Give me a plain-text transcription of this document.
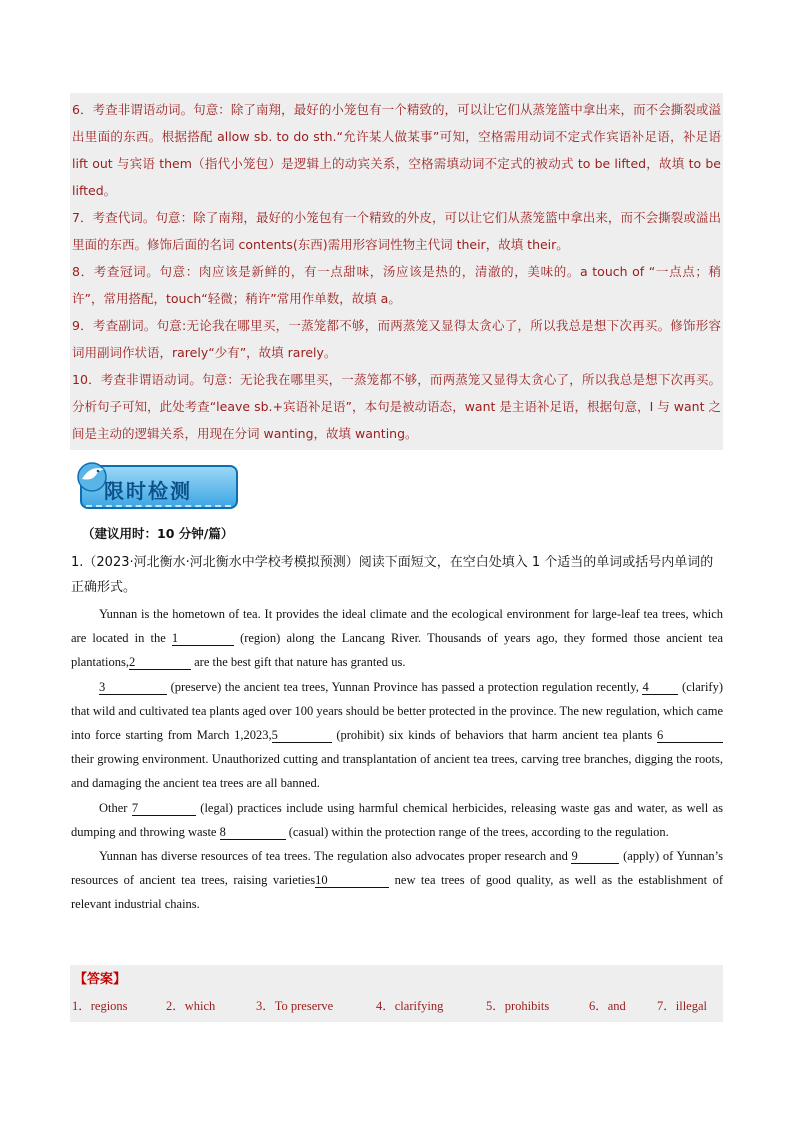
6．考查非谓语动词。句意：除了南翔，最好的小笼包有一个精致的，可以让它们从蒸笼篮中拿出来，而不会撕裂或溢出里面的东西。根据搭配 allow sb. to do sth.“允许某人做某事”可知，空格需用动词不定式作宾语补足语，补足语 lift out 与宾语 them（指代小笼包）是逻辑上的动宾关系，空格需填动词不定式的被动式 to be lifted，故填 to be lifted。

7．考查代词。句意：除了南翔，最好的小笼包有一个精致的外皮，可以让它们从蒸笼篮中拿出来，而不会撕裂或溢出里面的东西。修饰后面的名词 contents(东西)需用形容词性物主代词 their，故填 their。

8．考查冠词。句意：肉应该是新鲜的，有一点甜味，汤应该是热的，清澈的，美味的。a touch of “一点点；稍许”，常用搭配，touch“轻微；稍许”常用作单数，故填 a。

9．考查副词。句意:无论我在哪里买，一蒸笼都不够，而两蒸笼又显得太贪心了，所以我总是想下次再买。修饰形容词用副词作状语，rarely“少有”，故填 rarely。

10．考查非谓语动词。句意：无论我在哪里买，一蒸笼都不够，而两蒸笼又显得太贪心了，所以我总是想下次再买。分析句子可知，此处考查“leave sb.+宾语补足语”，本句是被动语态，want 是主语补足语，根据句意，I 与 want 之间是主动的逻辑关系，用现在分词 wanting，故填 wanting。

限时检测
（建议用时：10 分钟/篇）
1.（2023·河北衡水·河北衡水中学校考模拟预测）阅读下面短文，在空白处填入 1 个适当的单词或括号内单词的正确形式。

Yunnan is the hometown of tea. It provides the ideal climate and the ecological environment for large-leaf tea trees, which are located in the 1	(region) along the Lancang River. Thousands of years ago, they formed those ancient tea plantations,2	are the best gift that nature has granted us.

3	(preserve) the ancient tea trees, Yunnan Province has passed a protection regulation recently, 4 (clarify) that wild and cultivated tea plants aged over 100 years should be better protected in the province. The new regulation, which came into force starting from March 1,2023,5	(prohibit) six kinds of behaviors that harm ancient tea plants 6 their growing environment. Unauthorized cutting and transplantation of ancient tea trees, carving tree branches, digging the roots, and damaging the ancient tea trees are all banned.

Other 7	(legal) practices include using harmful chemical herbicides, releasing waste gas and water, as well as dumping and throwing waste 8	(casual) within the protection range of the trees, according to the regulation.

Yunnan has diverse resources of tea trees. The regulation also advocates proper research and 9	(apply) of Yunnan’s resources of ancient tea trees, raising varieties10	new tea trees of good quality, as well as the establishment of relevant industrial chains.

【答案】
1．regions	2．which	3．To preserve	4．clarifying	5．prohibits	6．and 7．illegal
